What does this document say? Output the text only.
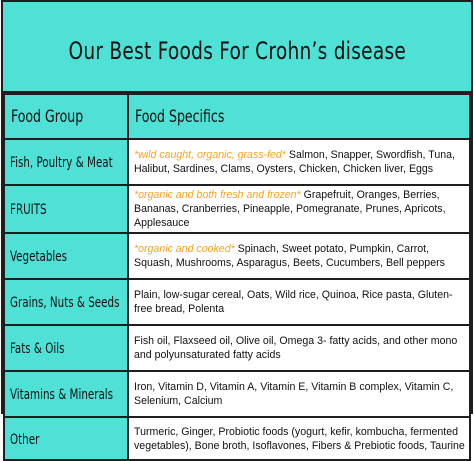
Our Best Foods For Crohn’s disease
Food Group	Food Specifics
Fish, Poultry & Meat	*wild caught, organic, grass-fed* Salmon, Snapper, Swordfish, Tuna, Halibut, Sardines, Clams, Oysters, Chicken, Chicken liver, Eggs
FRUITS	*organic and both fresh and frozen* Grapefruit, Oranges, Berries, Bananas, Cranberries, Pineapple, Pomegranate, Prunes, Apricots, Applesauce
Vegetables	*organic and cooked* Spinach, Sweet potato, Pumpkin, Carrot, Squash, Mushrooms, Asparagus, Beets, Cucumbers, Bell peppers
Grains, Nuts & Seeds	Plain, low-sugar cereal, Oats, Wild rice, Quinoa, Rice pasta, Gluten-free bread, Polenta
Fats & Oils	Fish oil, Flaxseed oil, Olive oil, Omega 3- fatty acids, and other mono and polyunsaturated fatty acids
Vitamins & Minerals	Iron, Vitamin D, Vitamin A, Vitamin E, Vitamin B complex, Vitamin C, Selenium, Calcium
Other	Turmeric, Ginger, Probiotic foods (yogurt, kefir, kombucha, fermented vegetables), Bone broth, Isoflavones, Fibers & Prebiotic foods, Taurine
